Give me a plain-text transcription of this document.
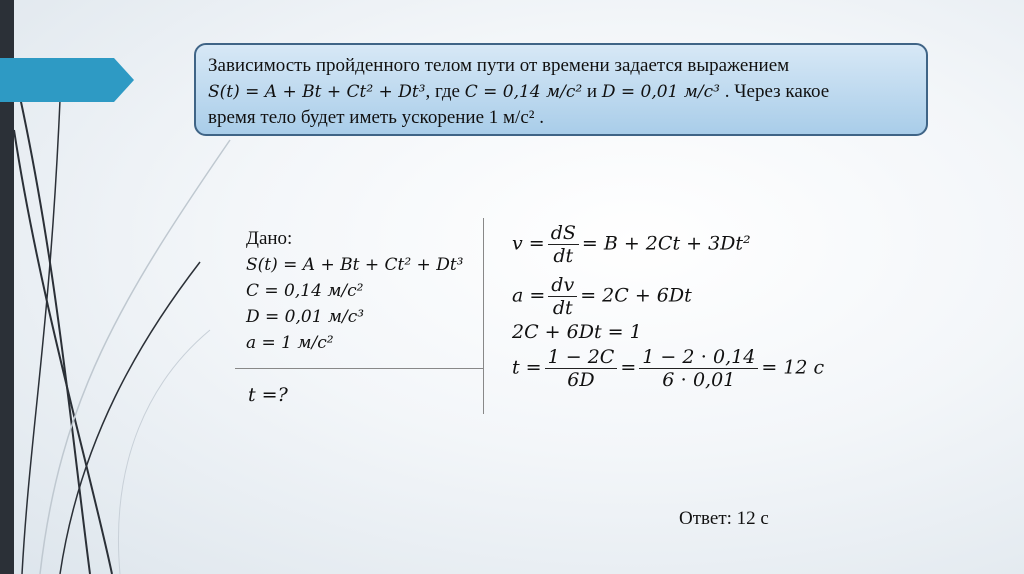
Зависимость пройденного телом пути от времени задается выражением
S(t) = A + Bt + Ct² + Dt³, где C = 0,14 м/с² и D = 0,01 м/с³ . Через какое
время тело будет иметь ускорение 1 м/с² .
Дано:
S(t) = A + Bt + Ct² + Dt³
C = 0,14 м/с²
D = 0,01 м/с³
a = 1 м/с²
t =?
$v = \frac{dS}{dt} = B + 2Ct + 3Dt^2$
$a = \frac{dv}{dt} = 2C + 6Dt$
2C + 6Dt = 1
$t = \frac{1 - 2C}{6D} = \frac{1 - 2 \cdot 0,14}{6 \cdot 0,01} = 12$ с
Ответ: 12 с
